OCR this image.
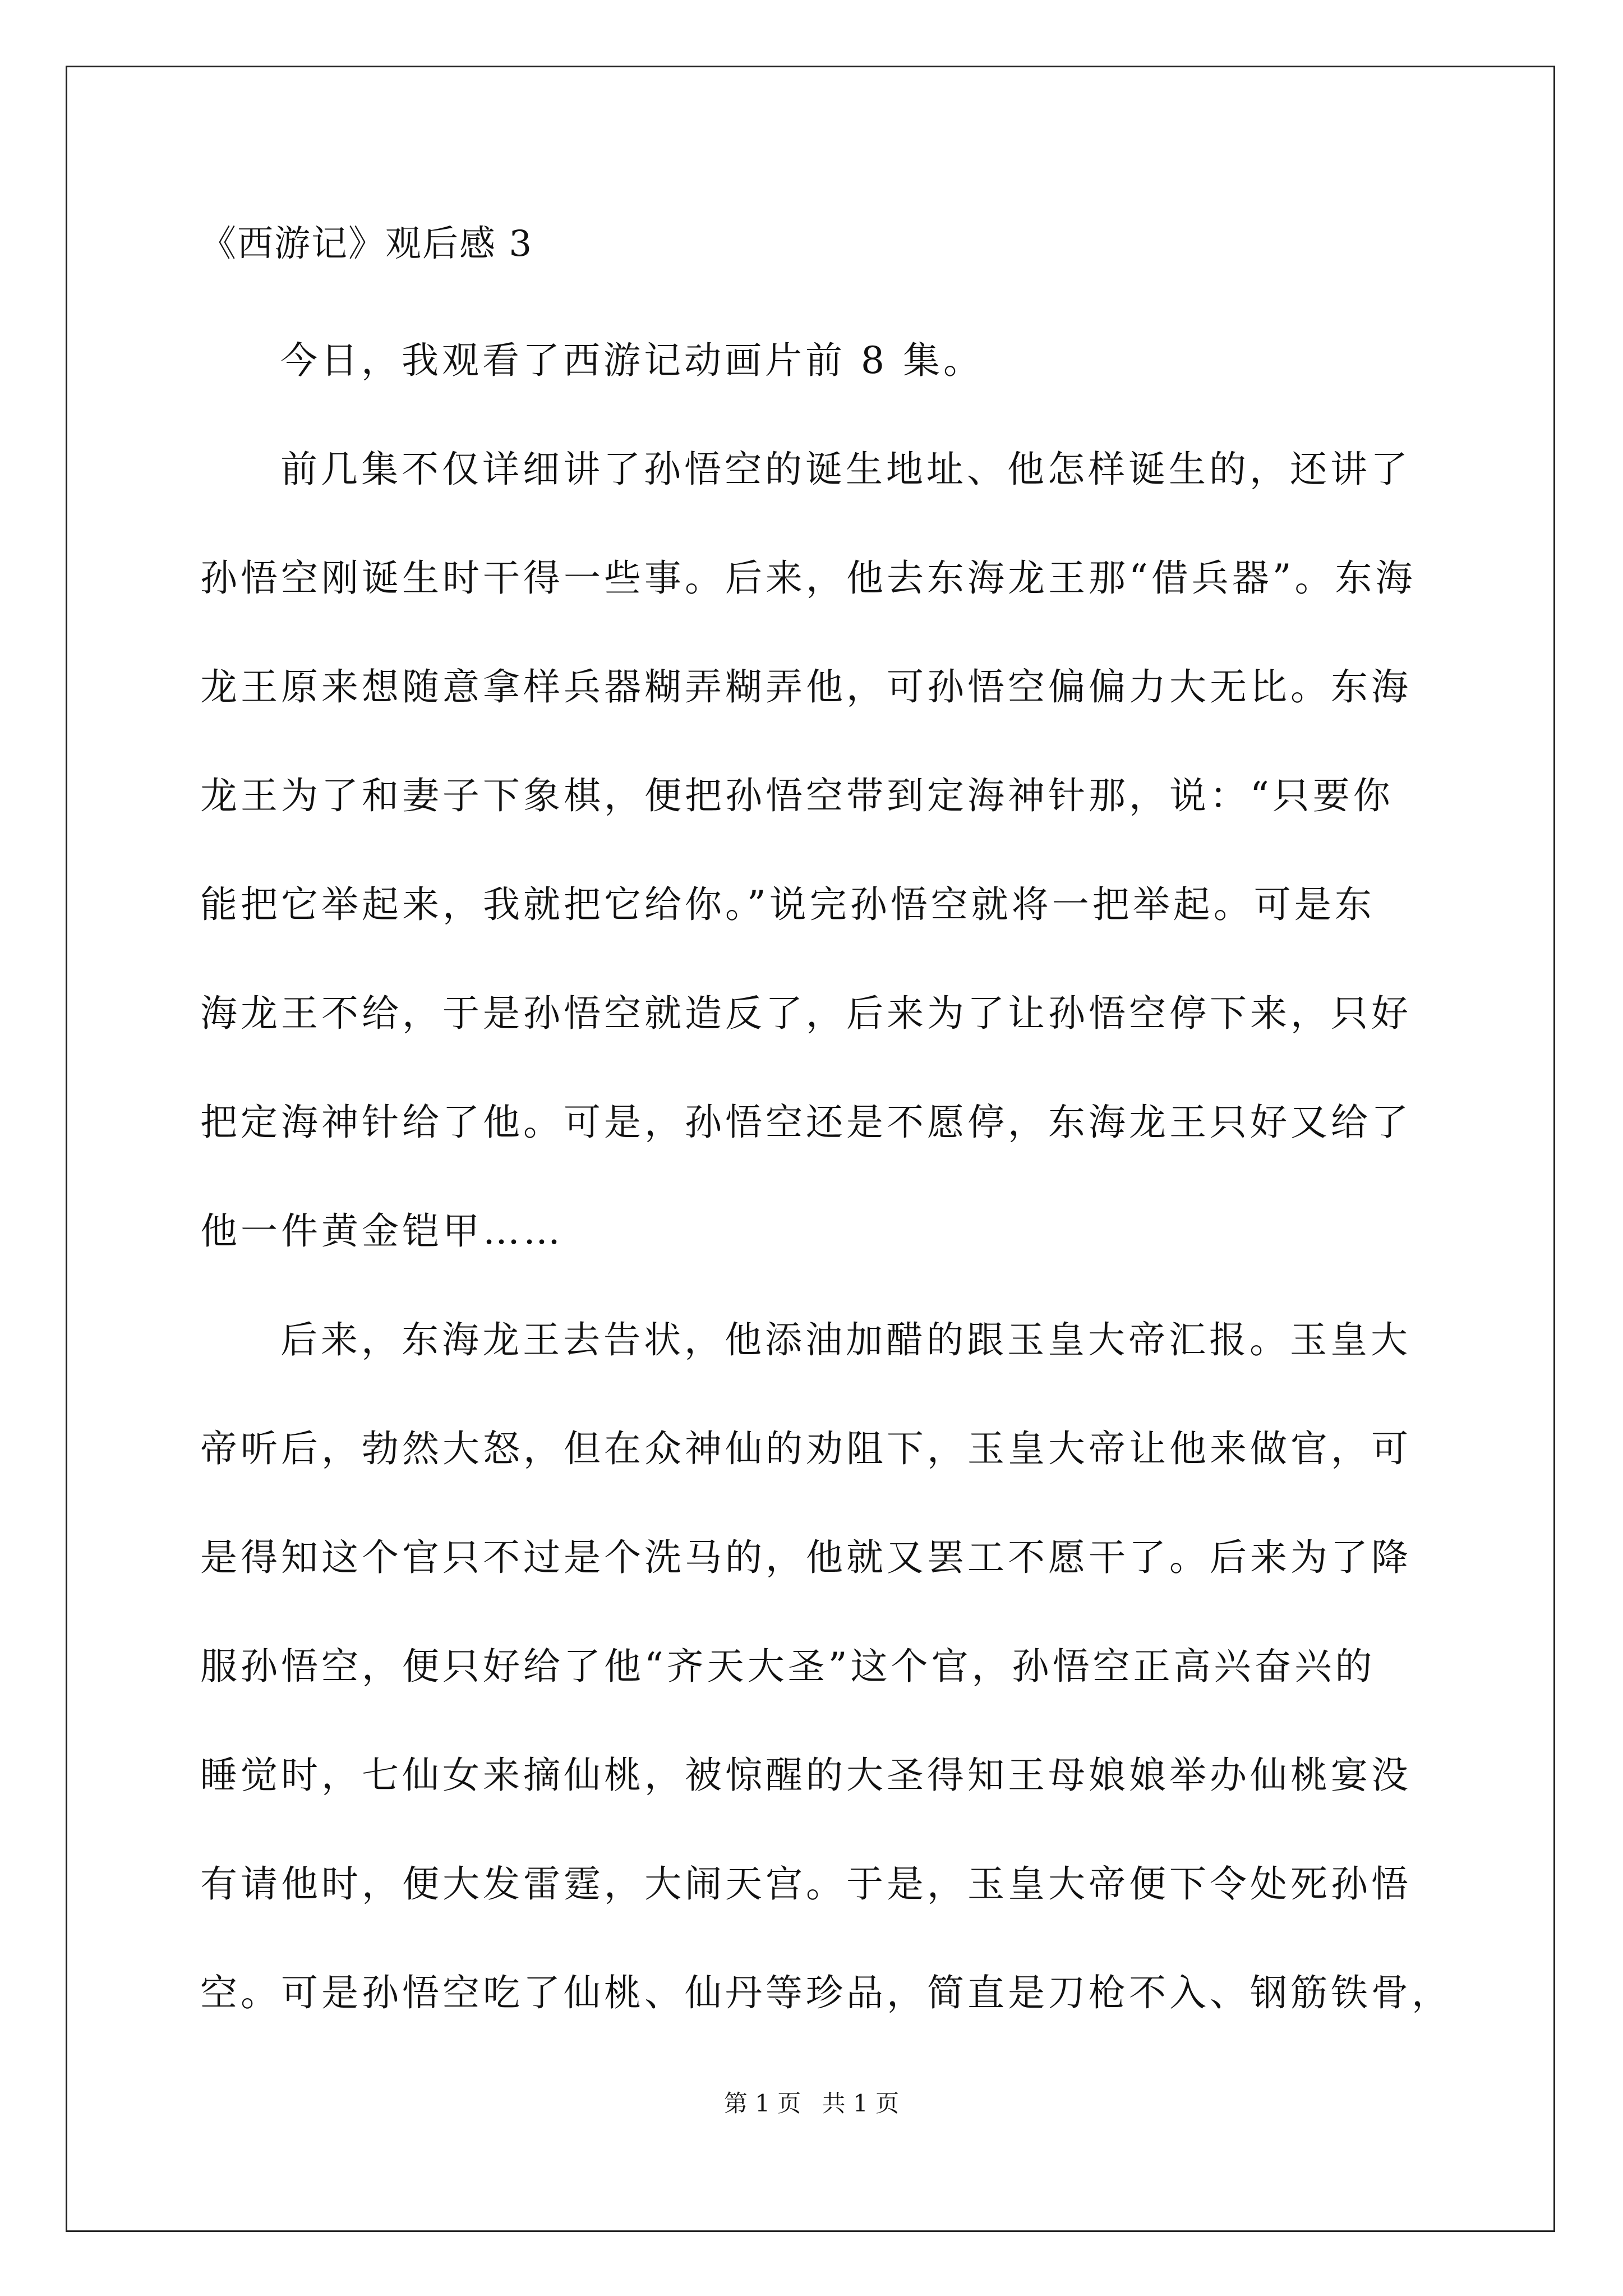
《西游记》观后感 3
今日，我观看了西游记动画片前 8 集。
前几集不仅详细讲了孙悟空的诞生地址、他怎样诞生的，还讲了
孙悟空刚诞生时干得一些事。后来，他去东海龙王那“借兵器”。东海
龙王原来想随意拿样兵器糊弄糊弄他，可孙悟空偏偏力大无比。东海
龙王为了和妻子下象棋，便把孙悟空带到定海神针那，说：“只要你
能把它举起来，我就把它给你。”说完孙悟空就将一把举起。可是东
海龙王不给，于是孙悟空就造反了，后来为了让孙悟空停下来，只好
把定海神针给了他。可是，孙悟空还是不愿停，东海龙王只好又给了
他一件黄金铠甲……
后来，东海龙王去告状，他添油加醋的跟玉皇大帝汇报。玉皇大
帝听后，勃然大怒，但在众神仙的劝阻下，玉皇大帝让他来做官，可
是得知这个官只不过是个洗马的，他就又罢工不愿干了。后来为了降
服孙悟空，便只好给了他“齐天大圣”这个官，孙悟空正高兴奋兴的
睡觉时，七仙女来摘仙桃，被惊醒的大圣得知王母娘娘举办仙桃宴没
有请他时，便大发雷霆，大闹天宫。于是，玉皇大帝便下令处死孙悟
空。可是孙悟空吃了仙桃、仙丹等珍品，简直是刀枪不入、钢筋铁骨，
第 1 页 共 1 页
